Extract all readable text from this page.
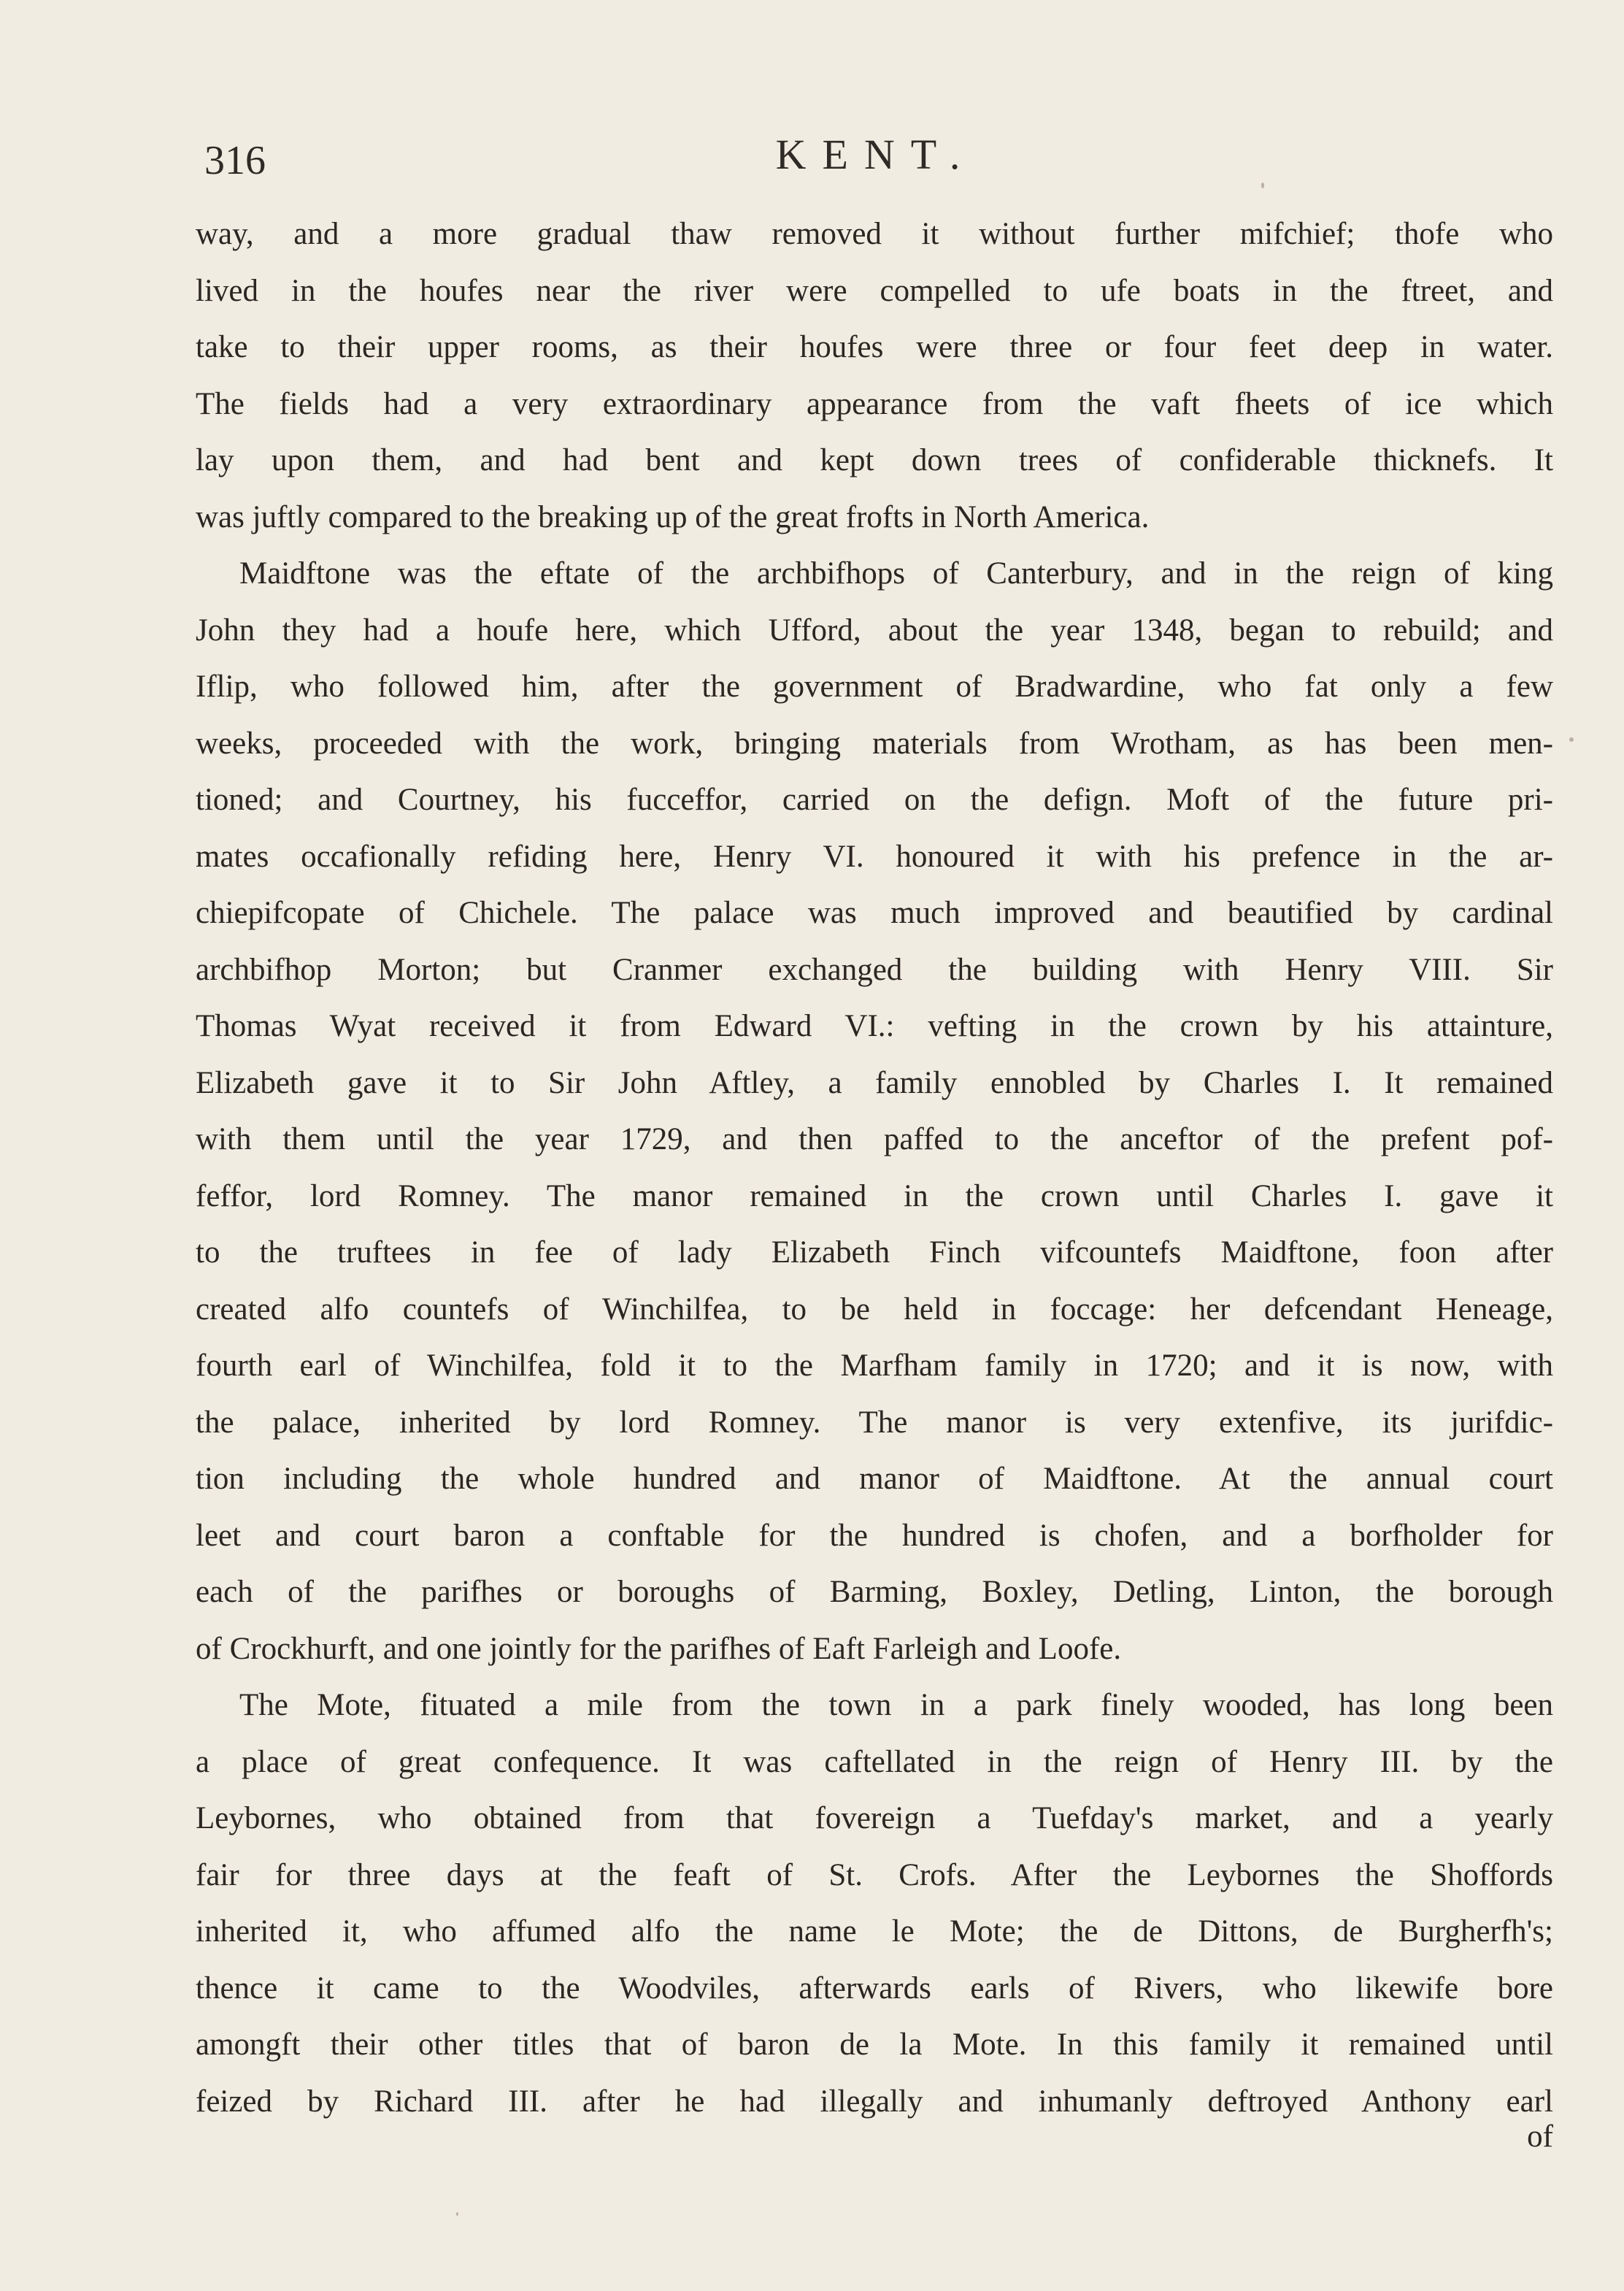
316	KENT.
way, and a more gradual thaw removed it without further mifchief; thofe who
lived in the houfes near the river were compelled to ufe boats in the ftreet, and
take to their upper rooms, as their houfes were three or four feet deep in water.
The fields had a very extraordinary appearance from the vaft fheets of ice which
lay upon them, and had bent and kept down trees of confiderable thicknefs. It
was juftly compared to the breaking up of the great frofts in North America.
Maidftone was the eftate of the archbifhops of Canterbury, and in the reign of king
John they had a houfe here, which Ufford, about the year 1348, began to rebuild; and
Iflip, who followed him, after the government of Bradwardine, who fat only a few
weeks, proceeded with the work, bringing materials from Wrotham, as has been men-
tioned; and Courtney, his fucceffor, carried on the defign. Moft of the future pri-
mates occafionally refiding here, Henry VI. honoured it with his prefence in the ar-
chiepifcopate of Chichele. The palace was much improved and beautified by cardinal
archbifhop Morton; but Cranmer exchanged the building with Henry VIII. Sir
Thomas Wyat received it from Edward VI.: vefting in the crown by his attainture,
Elizabeth gave it to Sir John Aftley, a family ennobled by Charles I. It remained
with them until the year 1729, and then paffed to the anceftor of the prefent pof-
feffor, lord Romney. The manor remained in the crown until Charles I. gave it
to the truftees in fee of lady Elizabeth Finch vifcountefs Maidftone, foon after
created alfo countefs of Winchilfea, to be held in foccage: her defcendant Heneage,
fourth earl of Winchilfea, fold it to the Marfham family in 1720; and it is now, with
the palace, inherited by lord Romney. The manor is very extenfive, its jurifdic-
tion including the whole hundred and manor of Maidftone. At the annual court
leet and court baron a conftable for the hundred is chofen, and a borfholder for
each of the parifhes or boroughs of Barming, Boxley, Detling, Linton, the borough
of Crockhurft, and one jointly for the parifhes of Eaft Farleigh and Loofe.
The Mote, fituated a mile from the town in a park finely wooded, has long been
a place of great confequence. It was caftellated in the reign of Henry III. by the
Leybornes, who obtained from that fovereign a Tuefday's market, and a yearly
fair for three days at the feaft of St. Crofs. After the Leybornes the Shoffords
inherited it, who affumed alfo the name le Mote; the de Dittons, de Burgherfh's;
thence it came to the Woodviles, afterwards earls of Rivers, who likewife bore
amongft their other titles that of baron de la Mote. In this family it remained until
feized by Richard III. after he had illegally and inhumanly deftroyed Anthony earl
of
